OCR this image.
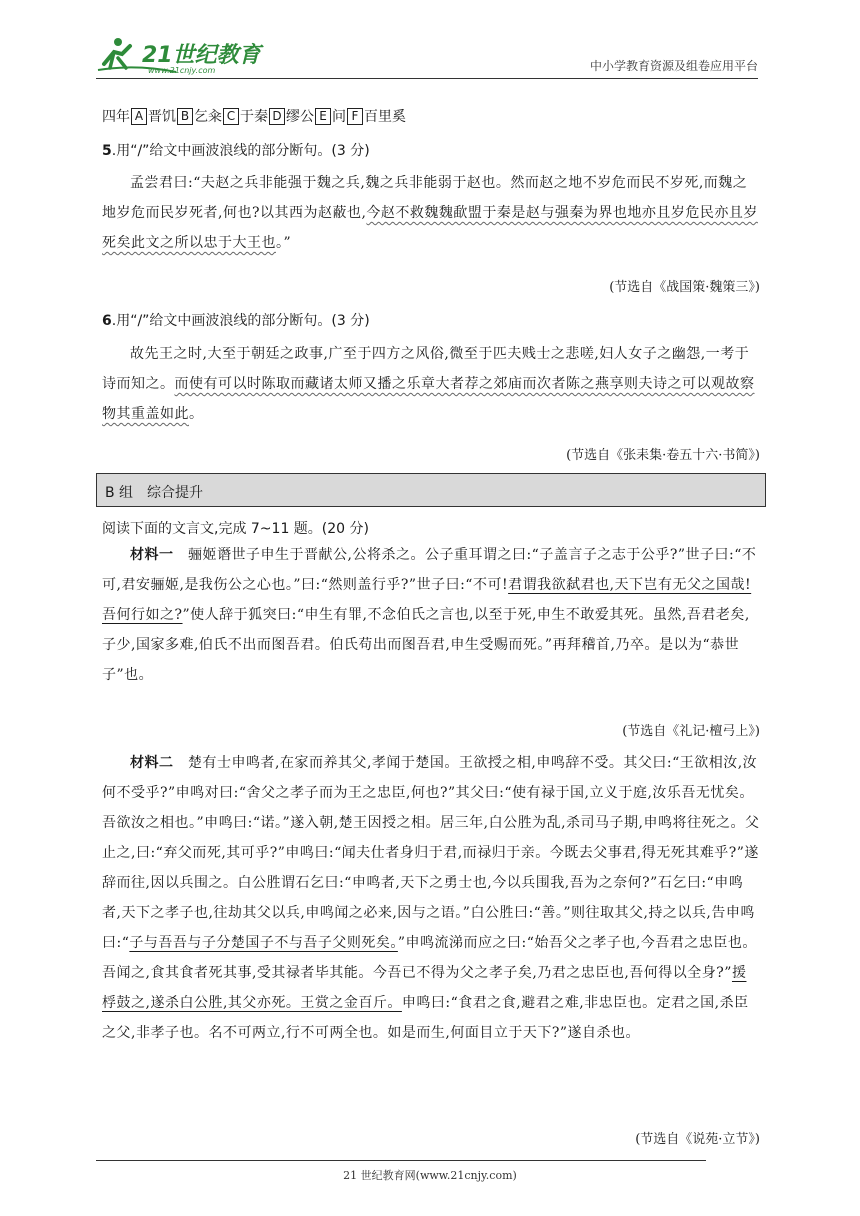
21世纪教育
www.21cnjy.com	中小学教育资源及组卷应用平台
四年 A 晋饥 B 乞籴 C 于秦 D 缪公 E 问 F 百里奚
5.用“/”给文中画波浪线的部分断句。(3 分)
孟尝君曰:“夫赵之兵非能强于魏之兵,魏之兵非能弱于赵也。然而赵之地不岁危而民不岁死,而魏之地岁危而民岁死者,何也?以其西为赵蔽也,今赵不救魏魏歃盟于秦是赵与强秦为界也地亦且岁危民亦且岁死矣此文之所以忠于大王也。”
(节选自《战国策·魏策三》)
6.用“/”给文中画波浪线的部分断句。(3 分)
故先王之时,大至于朝廷之政事,广至于四方之风俗,微至于匹夫贱士之悲嗟,妇人女子之幽怨,一考于诗而知之。而使有可以时陈取而藏诸太师又播之乐章大者荐之郊庙而次者陈之燕享则夫诗之可以观故察物其重盖如此。
(节选自《张耒集·卷五十六·书简》)
B 组　综合提升
阅读下面的文言文,完成 7~11 题。(20 分)
材料一　骊姬谮世子申生于晋献公,公将杀之。公子重耳谓之曰:“子盖言子之志于公乎?”世子曰:“不可,君安骊姬,是我伤公之心也。”曰:“然则盖行乎?”世子曰:“不可!君谓我欲弑君也,天下岂有无父之国哉!吾何行如之?”使人辞于狐突曰:“申生有罪,不念伯氏之言也,以至于死,申生不敢爱其死。虽然,吾君老矣,子少,国家多难,伯氏不出而图吾君。伯氏苟出而图吾君,申生受赐而死。”再拜稽首,乃卒。是以为“恭世子”也。
(节选自《礼记·檀弓上》)
材料二　楚有士申鸣者,在家而养其父,孝闻于楚国。王欲授之相,申鸣辞不受。其父曰:“王欲相汝,汝何不受乎?”申鸣对曰:“舍父之孝子而为王之忠臣,何也?”其父曰:“使有禄于国,立义于庭,汝乐吾无忧矣。吾欲汝之相也。”申鸣曰:“诺。”遂入朝,楚王因授之相。居三年,白公胜为乱,杀司马子期,申鸣将往死之。父止之,曰:“弃父而死,其可乎?”申鸣曰:“闻夫仕者身归于君,而禄归于亲。今既去父事君,得无死其难乎?”遂辞而往,因以兵围之。白公胜谓石乞曰:“申鸣者,天下之勇士也,今以兵围我,吾为之奈何?”石乞曰:“申鸣者,天下之孝子也,往劫其父以兵,申鸣闻之必来,因与之语。”白公胜曰:“善。”则往取其父,持之以兵,告申鸣曰:“子与吾吾与子分楚国子不与吾子父则死矣。”申鸣流涕而应之曰:“始吾父之孝子也,今吾君之忠臣也。吾闻之,食其食者死其事,受其禄者毕其能。今吾已不得为父之孝子矣,乃君之忠臣也,吾何得以全身?”援桴鼓之,遂杀白公胜,其父亦死。王赏之金百斤。申鸣曰:“食君之食,避君之难,非忠臣也。定君之国,杀臣之父,非孝子也。名不可两立,行不可两全也。如是而生,何面目立于天下?”遂自杀也。
(节选自《说苑·立节》)
21 世纪教育网(www.21cnjy.com)
